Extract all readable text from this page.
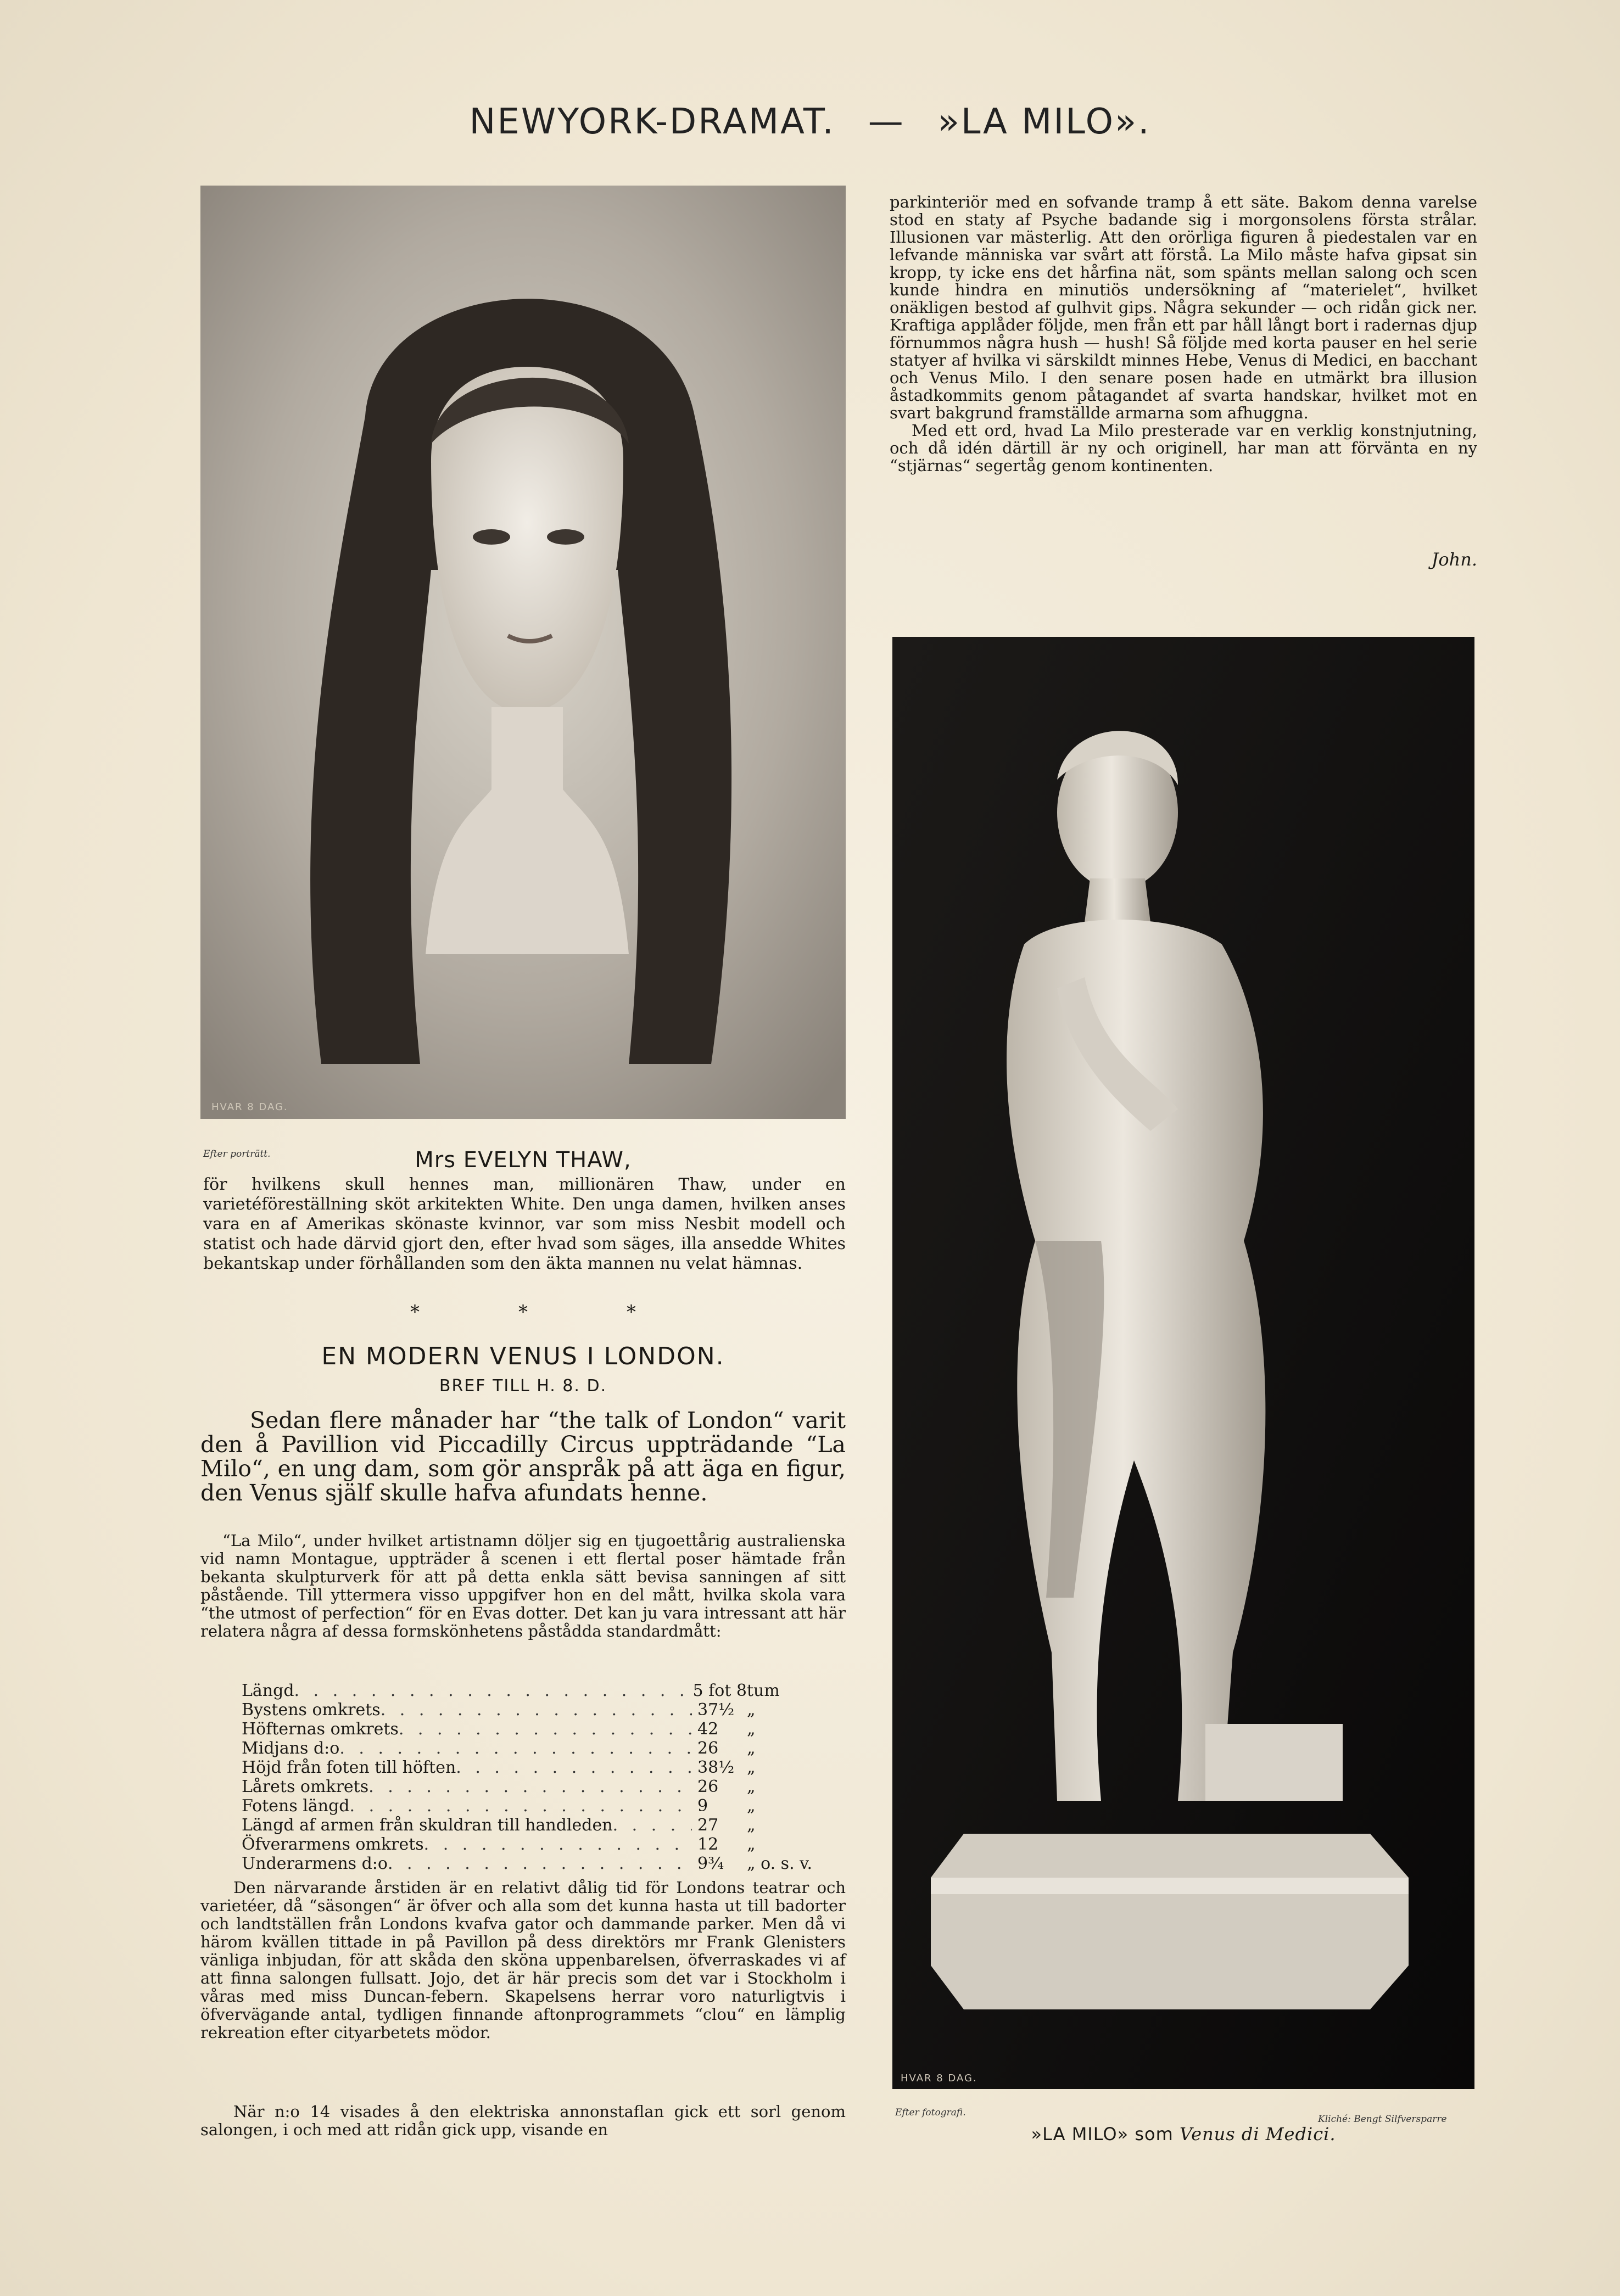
NEWYORK-DRAMAT. — »LA MILO».
HVAR 8 DAG.
Efter porträtt.	Mrs EVELYN THAW,
för hvilkens skull hennes man, millionären Thaw, under en varietéföreställning sköt arkitekten White. Den unga damen, hvilken anses vara en af Amerikas skönaste kvinnor, var som miss Nesbit modell och statist och hade därvid gjort den, efter hvad som säges, illa ansedde Whites bekantskap under förhållanden som den äkta mannen nu velat hämnas.
*	*	*
EN MODERN VENUS I LONDON.
BREF TILL H. 8. D.
Sedan flere månader har “the talk of London“ varit den å Pavillion vid Piccadilly Circus uppträdande “La Milo“, en ung dam, som gör anspråk på att äga en figur, den Venus själf skulle hafva afundats henne.
“La Milo“, under hvilket artistnamn döljer sig en tjugoettårig australienska vid namn Montague, uppträder å scenen i ett flertal poser hämtade från bekanta skulpturverk för att på detta enkla sätt bevisa sanningen af sitt påstående. Till yttermera visso uppgifver hon en del mått, hvilka skola vara “the utmost of perfection“ för en Evas dotter. Det kan ju vara intressant att här relatera några af dessa formskönhetens påstådda standardmått:
Längd . . .	5 fot 8 tum
Bystens omkrets . . .	37½ „
Höfternas omkrets . . .	42	„
Midjans d:o . . .	26	„
Höjd från foten till höften . . .	38½ „
Lårets omkrets . . .	26	„
Fotens längd . . .	9	„
Längd af armen från skuldran till handleden . . .	27	„
Öfverarmens omkrets . . .	12	„
Underarmens d:o . . .	9¾	„ o. s. v.
Den närvarande årstiden är en relativt dålig tid för Londons teatrar och varietéer, då “säsongen“ är öfver och alla som det kunna hasta ut till badorter och landtställen från Londons kvafva gator och dammande parker. Men då vi härom kvällen tittade in på Pavillon på dess direktörs mr Frank Glenisters vänliga inbjudan, för att skåda den sköna uppenbarelsen, öfverraskades vi af att finna salongen fullsatt. Jojo, det är här precis som det var i Stockholm i våras med miss Duncan-febern. Skapelsens herrar voro naturligtvis i öfvervägande antal, tydligen finnande aftonprogrammets “clou“ en lämplig rekreation efter cityarbetets mödor.
När n:o 14 visades å den elektriska annonstaflan gick ett sorl genom salongen, i och med att ridån gick upp, visande en
parkinteriör med en sofvande tramp å ett säte. Bakom denna varelse stod en staty af Psyche badande sig i morgonsolens första strålar. Illusionen var mästerlig. Att den orörliga figuren å piedestalen var en lefvande människa var svårt att förstå. La Milo måste hafva gipsat sin kropp, ty icke ens det hårfina nät, som spänts mellan salong och scen kunde hindra en minutiös undersökning af “materielet“, hvilket onäkligen bestod af gulhvit gips. Några sekunder — och ridån gick ner. Kraftiga applåder följde, men från ett par håll långt bort i radernas djup förnummos några hush — hush! Så följde med korta pauser en hel serie statyer af hvilka vi särskildt minnes Hebe, Venus di Medici, en bacchant och Venus Milo. I den senare posen hade en utmärkt bra illusion åstadkommits genom påtagandet af svarta handskar, hvilket mot en svart bakgrund framställde armarna som afhuggna.
Med ett ord, hvad La Milo presterade var en verklig konstnjutning, och då idén därtill är ny och originell, har man att förvänta en ny “stjärnas“ segertåg genom kontinenten.
John.
HVAR 8 DAG.
Efter fotografi.
Kliché: Bengt Silfversparre
»LA MILO» som Venus di Medici.
